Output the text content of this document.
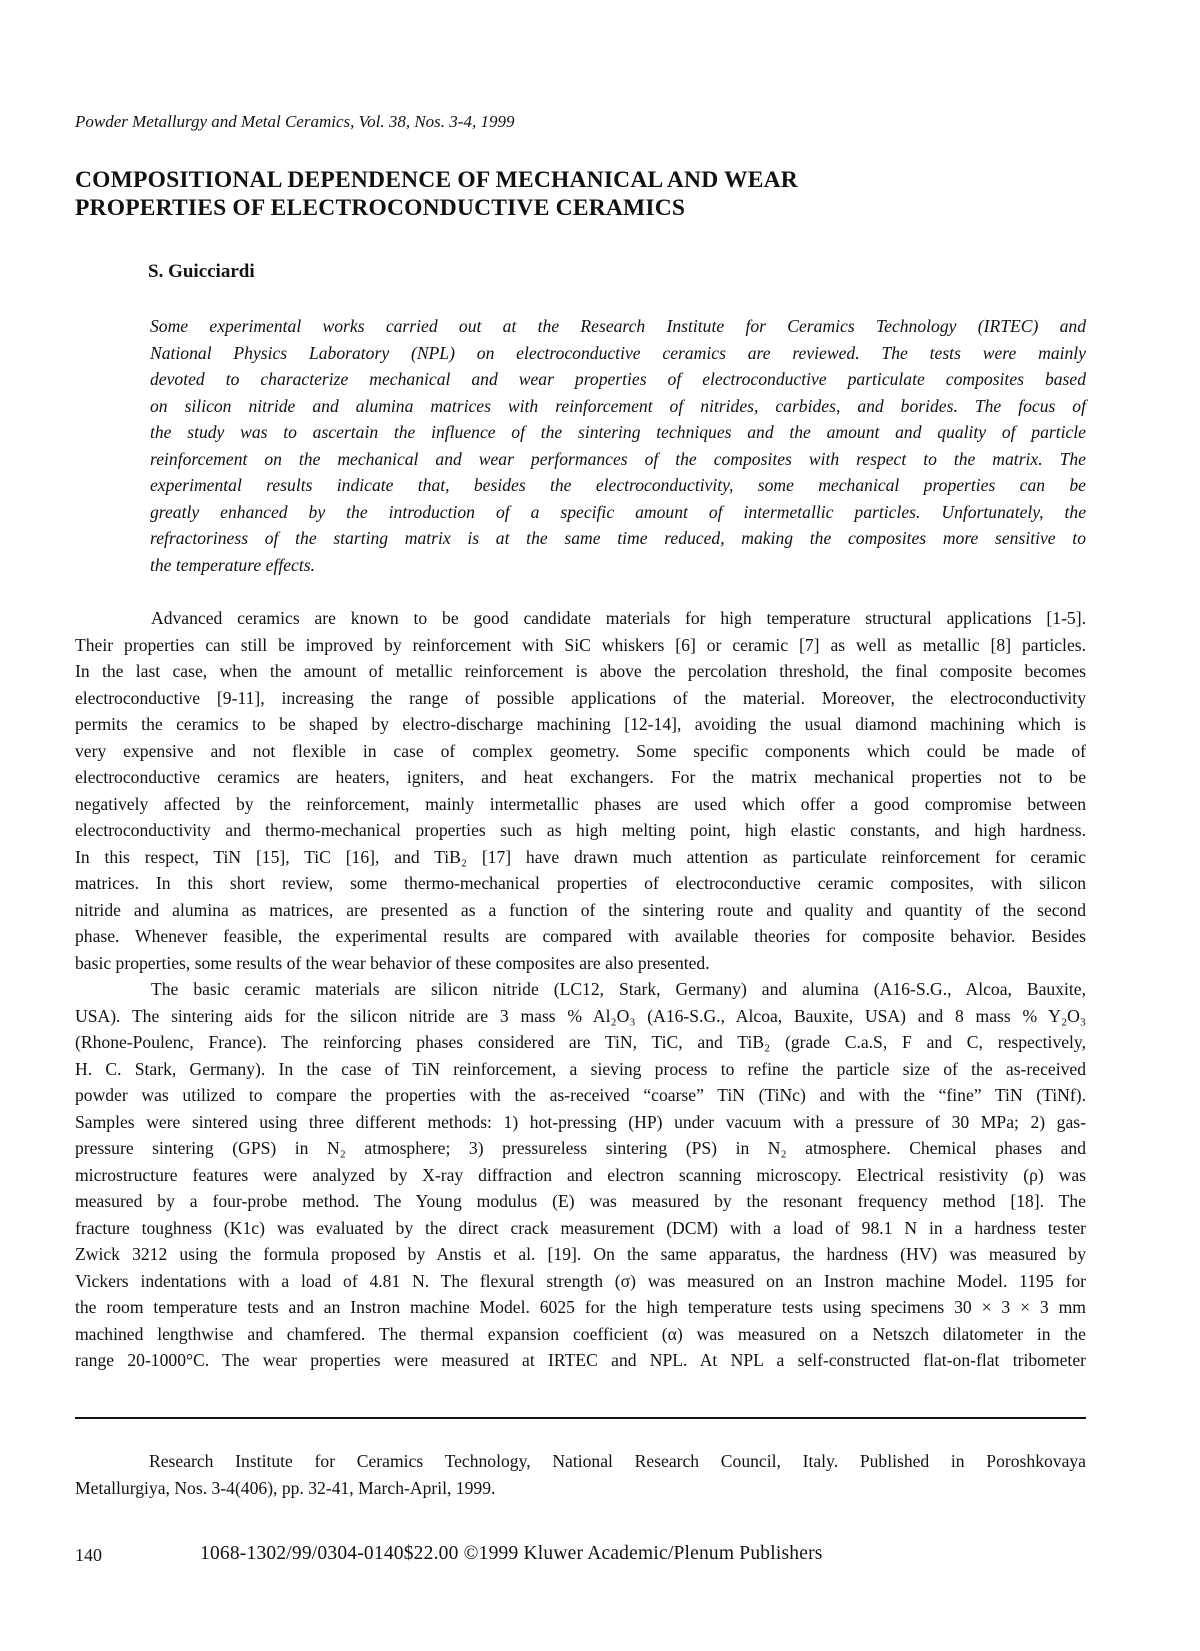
Powder Metallurgy and Metal Ceramics, Vol. 38, Nos. 3-4, 1999
COMPOSITIONAL DEPENDENCE OF MECHANICAL AND WEAR
PROPERTIES OF ELECTROCONDUCTIVE CERAMICS
S. Guicciardi
Some experimental works carried out at the Research Institute for Ceramics Technology (IRTEC) and
National Physics Laboratory (NPL) on electroconductive ceramics are reviewed. The tests were mainly
devoted to characterize mechanical and wear properties of electroconductive particulate composites based
on silicon nitride and alumina matrices with reinforcement of nitrides, carbides, and borides. The focus of
the study was to ascertain the influence of the sintering techniques and the amount and quality of particle
reinforcement on the mechanical and wear performances of the composites with respect to the matrix. The
experimental results indicate that, besides the electroconductivity, some mechanical properties can be
greatly enhanced by the introduction of a specific amount of intermetallic particles. Unfortunately, the
refractoriness of the starting matrix is at the same time reduced, making the composites more sensitive to
the temperature effects.
Advanced ceramics are known to be good candidate materials for high temperature structural applications [1-5].
Their properties can still be improved by reinforcement with SiC whiskers [6] or ceramic [7] as well as metallic [8] particles.
In the last case, when the amount of metallic reinforcement is above the percolation threshold, the final composite becomes
electroconductive [9-11], increasing the range of possible applications of the material. Moreover, the electroconductivity
permits the ceramics to be shaped by electro-discharge machining [12-14], avoiding the usual diamond machining which is
very expensive and not flexible in case of complex geometry. Some specific components which could be made of
electroconductive ceramics are heaters, igniters, and heat exchangers. For the matrix mechanical properties not to be
negatively affected by the reinforcement, mainly intermetallic phases are used which offer a good compromise between
electroconductivity and thermo-mechanical properties such as high melting point, high elastic constants, and high hardness.
In this respect, TiN [15], TiC [16], and TiB₂ [17] have drawn much attention as particulate reinforcement for ceramic
matrices. In this short review, some thermo-mechanical properties of electroconductive ceramic composites, with silicon
nitride and alumina as matrices, are presented as a function of the sintering route and quality and quantity of the second
phase. Whenever feasible, the experimental results are compared with available theories for composite behavior. Besides
basic properties, some results of the wear behavior of these composites are also presented.
The basic ceramic materials are silicon nitride (LC12, Stark, Germany) and alumina (A16-S.G., Alcoa, Bauxite,
USA). The sintering aids for the silicon nitride are 3 mass % Al₂O₃ (A16-S.G., Alcoa, Bauxite, USA) and 8 mass % Y₂O₃
(Rhone-Poulenc, France). The reinforcing phases considered are TiN, TiC, and TiB₂ (grade C.a.S, F and C, respectively,
H. C. Stark, Germany). In the case of TiN reinforcement, a sieving process to refine the particle size of the as-received
powder was utilized to compare the properties with the as-received “coarse” TiN (TiNc) and with the “fine” TiN (TiNf).
Samples were sintered using three different methods: 1) hot-pressing (HP) under vacuum with a pressure of 30 MPa; 2) gas-
pressure sintering (GPS) in N₂ atmosphere; 3) pressureless sintering (PS) in N₂ atmosphere. Chemical phases and
microstructure features were analyzed by X-ray diffraction and electron scanning microscopy. Electrical resistivity (ρ) was
measured by a four-probe method. The Young modulus (E) was measured by the resonant frequency method [18]. The
fracture toughness (K1c) was evaluated by the direct crack measurement (DCM) with a load of 98.1 N in a hardness tester
Zwick 3212 using the formula proposed by Anstis et al. [19]. On the same apparatus, the hardness (HV) was measured by
Vickers indentations with a load of 4.81 N. The flexural strength (σ) was measured on an Instron machine Model. 1195 for
the room temperature tests and an Instron machine Model. 6025 for the high temperature tests using specimens 30 × 3 × 3 mm
machined lengthwise and chamfered. The thermal expansion coefficient (α) was measured on a Netszch dilatometer in the
range 20-1000°C. The wear properties were measured at IRTEC and NPL. At NPL a self-constructed flat-on-flat tribometer
Research Institute for Ceramics Technology, National Research Council, Italy. Published in Poroshkovaya
Metallurgiya, Nos. 3-4(406), pp. 32-41, March-April, 1999.
140	1068-1302/99/0304-0140$22.00 ©1999 Kluwer Academic/Plenum Publishers
